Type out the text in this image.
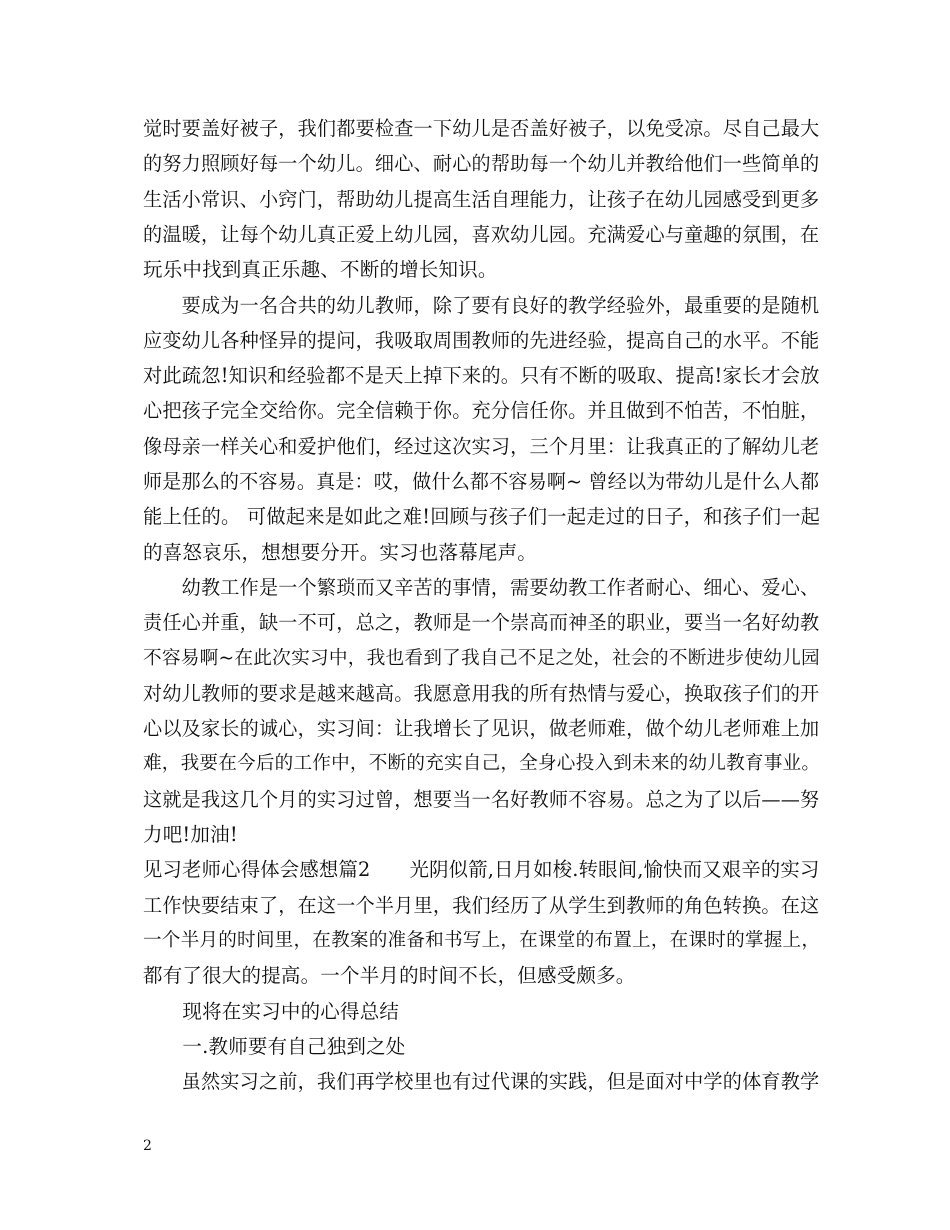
觉时要盖好被子，我们都要检查一下幼儿是否盖好被子，以免受凉。尽自己最大
的努力照顾好每一个幼儿。细心、耐心的帮助每一个幼儿并教给他们一些简单的
生活小常识、小窍门，帮助幼儿提高生活自理能力，让孩子在幼儿园感受到更多
的温暖，让每个幼儿真正爱上幼儿园，喜欢幼儿园。充满爱心与童趣的氛围，在
玩乐中找到真正乐趣、不断的增长知识。
　　要成为一名合共的幼儿教师，除了要有良好的教学经验外，最重要的是随机
应变幼儿各种怪异的提问，我吸取周围教师的先进经验，提高自己的水平。不能
对此疏忽!知识和经验都不是天上掉下来的。只有不断的吸取、提高!家长才会放
心把孩子完全交给你。完全信赖于你。充分信任你。并且做到不怕苦，不怕脏，
像母亲一样关心和爱护他们，经过这次实习，三个月里：让我真正的了解幼儿老
师是那么的不容易。真是：哎，做什么都不容易啊~ 曾经以为带幼儿是什么人都
能上任的。 可做起来是如此之难!回顾与孩子们一起走过的日子，和孩子们一起
的喜怒哀乐，想想要分开。实习也落幕尾声。
　　幼教工作是一个繁琐而又辛苦的事情，需要幼教工作者耐心、细心、爱心、
责任心并重，缺一不可，总之，教师是一个崇高而神圣的职业，要当一名好幼教
不容易啊~在此次实习中，我也看到了我自己不足之处，社会的不断进步使幼儿园
对幼儿教师的要求是越来越高。我愿意用我的所有热情与爱心，换取孩子们的开
心以及家长的诚心，实习间：让我增长了见识，做老师难，做个幼儿老师难上加
难，我要在今后的工作中，不断的充实自己，全身心投入到未来的幼儿教育事业。
这就是我这几个月的实习过曾，想要当一名好教师不容易。总之为了以后——努
力吧!加油!
见习老师心得体会感想篇2　　光阴似箭,日月如梭.转眼间,愉快而又艰辛的实习
工作快要结束了，在这一个半月里，我们经历了从学生到教师的角色转换。在这
一个半月的时间里，在教案的准备和书写上，在课堂的布置上，在课时的掌握上，
都有了很大的提高。一个半月的时间不长，但感受颇多。
　　现将在实习中的心得总结
　　一.教师要有自己独到之处
　　虽然实习之前，我们再学校里也有过代课的实践，但是面对中学的体育教学
2
